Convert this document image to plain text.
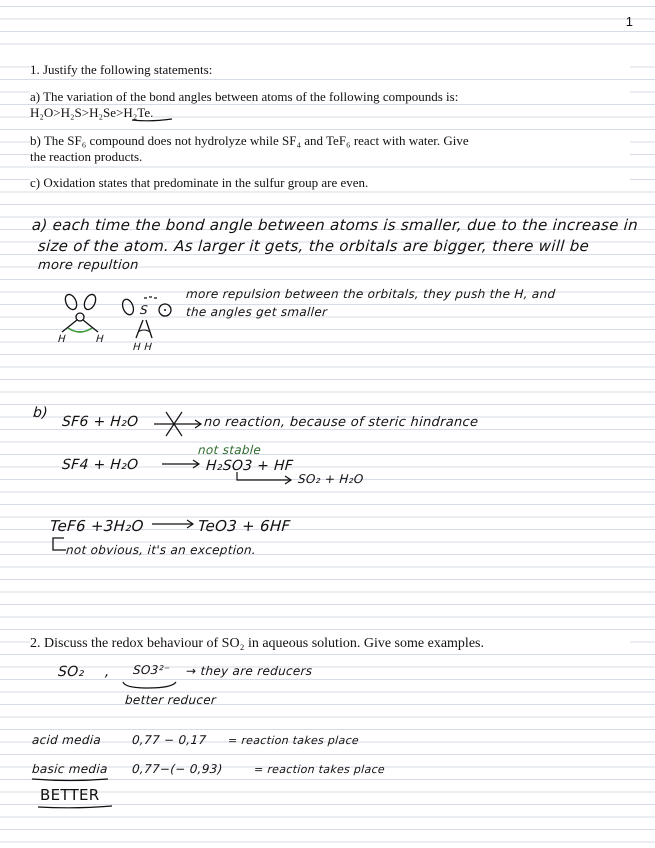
1
1. Justify the following statements:
a) The variation of the bond angles between atoms of the following compounds is:
H₂O>H₂S>H₂Se>H₂Te.
b) The SF₆ compound does not hydrolyze while SF₄ and TeF₆ react with water. Give
the reaction products.
c) Oxidation states that predominate in the sulfur group are even.
a) each time the bond angle between atoms is smaller, due to the increase in
size of the atom. As larger it gets, the orbitals are bigger, there will be
more repultion
H	H
S
H H
more repulsion between the orbitals, they push the H, and
the angles get smaller
b)
SF6 + H₂O	no reaction, because of steric hindrance
not stable
SF4 + H₂O	H₂SO3 + HF
SO₂ + H₂O
TeF6 +3H₂O	TeO3 + 6HF
not obvious, it's an exception.
2. Discuss the redox behaviour of SO₂ in aqueous solution. Give some examples.
SO₂ , SO3²⁻ → they are reducers
better reducer
acid media 0,77 − 0,17 = reaction takes place
basic media 0,77−(− 0,93)	= reaction takes place
BETTER
